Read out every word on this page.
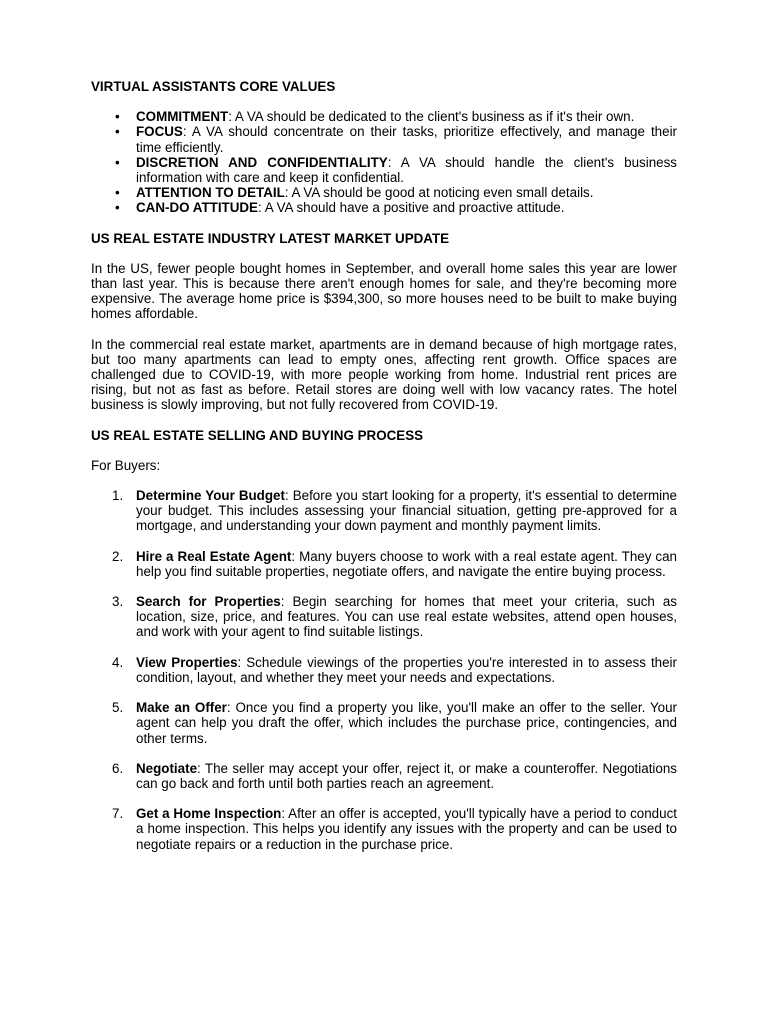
VIRTUAL ASSISTANTS CORE VALUES
• COMMITMENT: A VA should be dedicated to the client's business as if it's their own.
• FOCUS: A VA should concentrate on their tasks, prioritize effectively, and manage their time efficiently.
• DISCRETION AND CONFIDENTIALITY: A VA should handle the client's business information with care and keep it confidential.
• ATTENTION TO DETAIL: A VA should be good at noticing even small details.
• CAN-DO ATTITUDE: A VA should have a positive and proactive attitude.
US REAL ESTATE INDUSTRY LATEST MARKET UPDATE

In the US, fewer people bought homes in September, and overall home sales this year are lower than last year. This is because there aren't enough homes for sale, and they're becoming more expensive. The average home price is $394,300, so more houses need to be built to make buying homes affordable.

In the commercial real estate market, apartments are in demand because of high mortgage rates, but too many apartments can lead to empty ones, affecting rent growth. Office spaces are challenged due to COVID-19, with more people working from home. Industrial rent prices are rising, but not as fast as before. Retail stores are doing well with low vacancy rates. The hotel business is slowly improving, but not fully recovered from COVID-19.

US REAL ESTATE SELLING AND BUYING PROCESS

For Buyers:

1. Determine Your Budget: Before you start looking for a property, it's essential to determine your budget. This includes assessing your financial situation, getting pre-approved for a mortgage, and understanding your down payment and monthly payment limits.
2. Hire a Real Estate Agent: Many buyers choose to work with a real estate agent. They can help you find suitable properties, negotiate offers, and navigate the entire buying process.
3. Search for Properties: Begin searching for homes that meet your criteria, such as location, size, price, and features. You can use real estate websites, attend open houses, and work with your agent to find suitable listings.
4. View Properties: Schedule viewings of the properties you're interested in to assess their condition, layout, and whether they meet your needs and expectations.
5. Make an Offer: Once you find a property you like, you'll make an offer to the seller. Your agent can help you draft the offer, which includes the purchase price, contingencies, and other terms.
6. Negotiate: The seller may accept your offer, reject it, or make a counteroffer. Negotiations can go back and forth until both parties reach an agreement.
7. Get a Home Inspection: After an offer is accepted, you'll typically have a period to conduct a home inspection. This helps you identify any issues with the property and can be used to negotiate repairs or a reduction in the purchase price.
